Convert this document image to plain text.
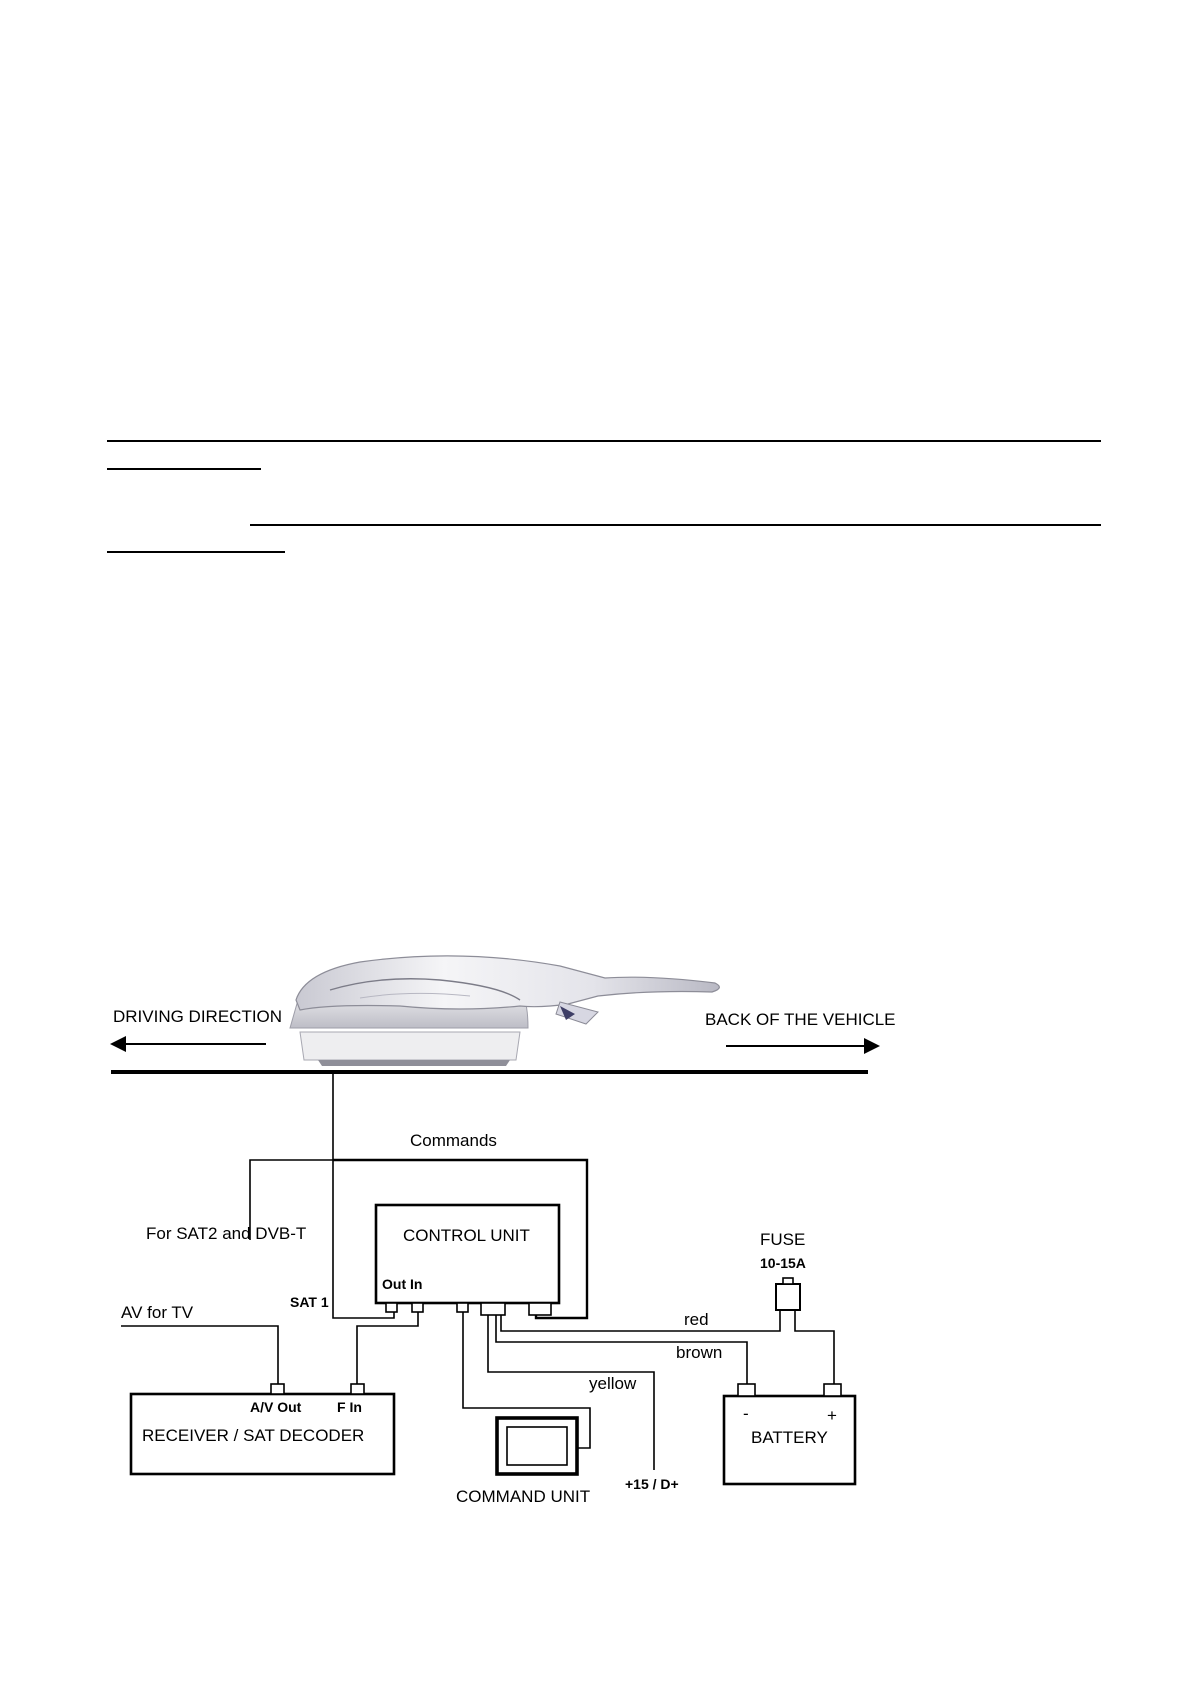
DRIVING DIRECTION	BACK OF THE VEHICLE
Commands
For SAT2 and DVB-T	CONTROL UNIT
Out In
SAT 1
AV for TV
A/V Out	F In
RECEIVER / SAT DECODER
COMMAND UNIT
yellow
+15 / D+
brown
red
FUSE
10-15A
-	+
BATTERY
